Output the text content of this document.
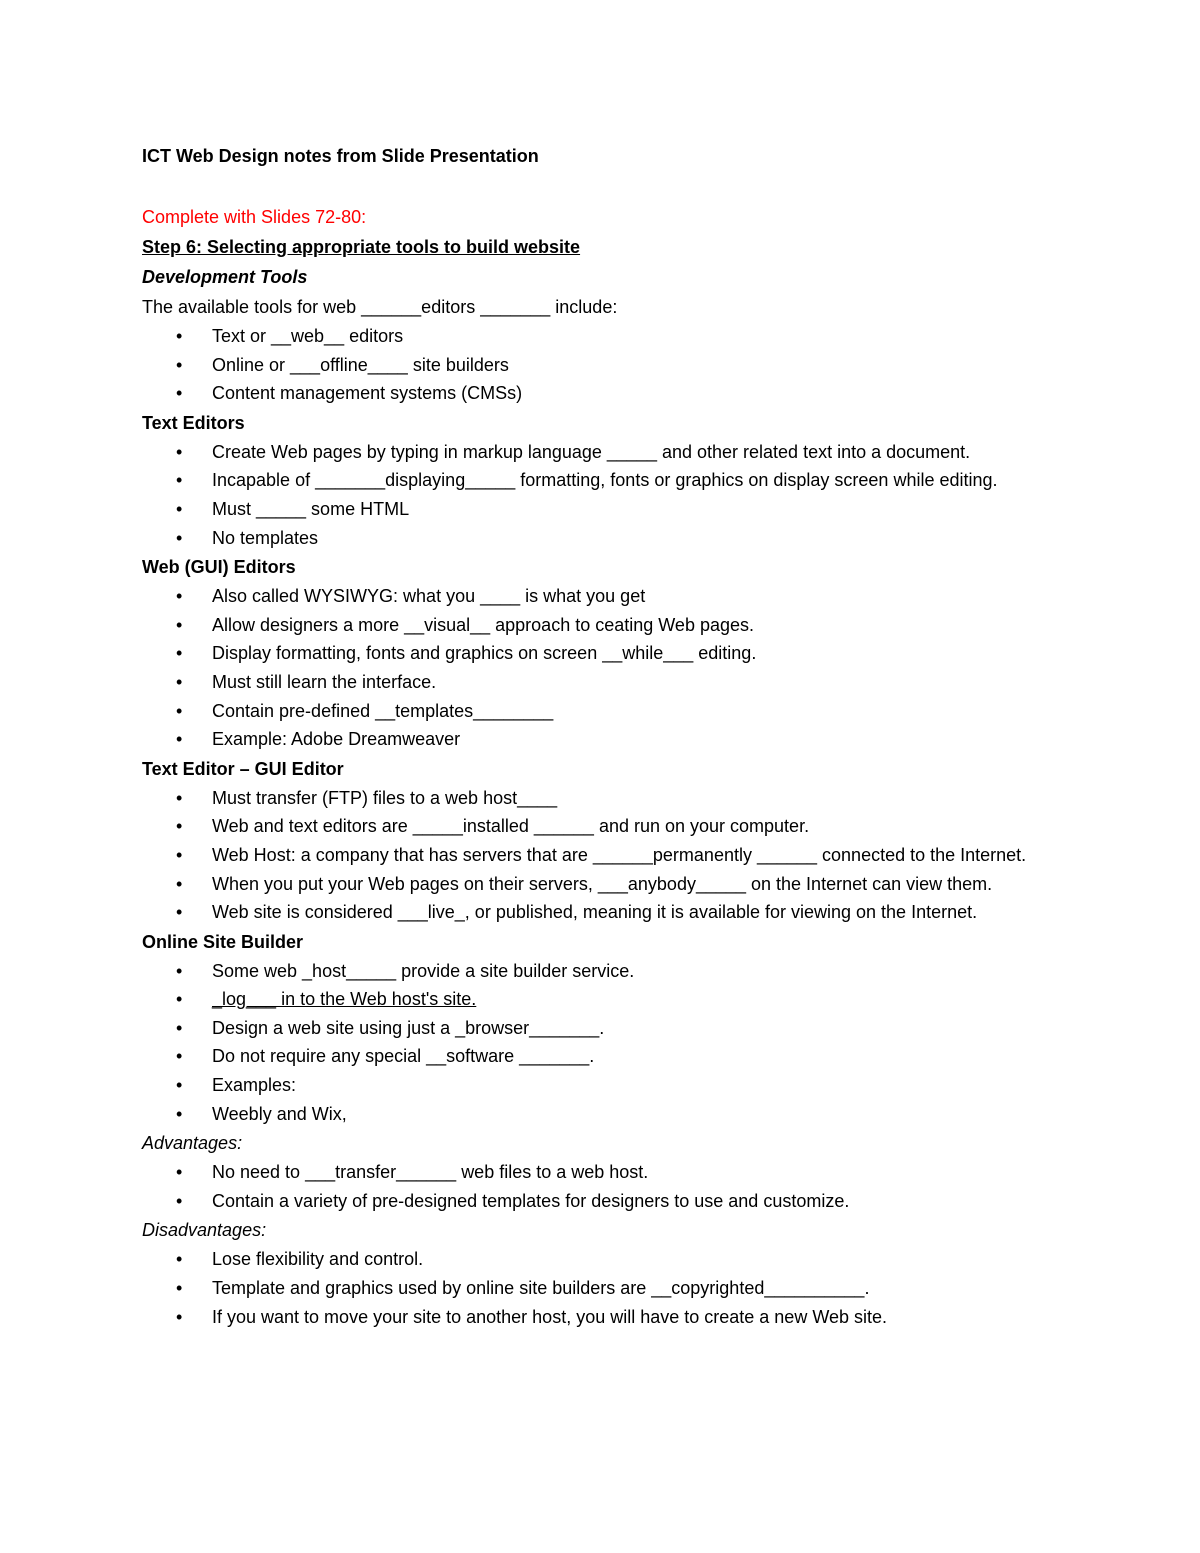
ICT Web Design notes from Slide Presentation

Complete with Slides 72-80:
Step 6: Selecting appropriate tools to build website
Development Tools
The available tools for web ______editors _______ include:
• Text or __web__ editors
• Online or ___offline____ site builders
• Content management systems (CMSs)
Text Editors
• Create Web pages by typing in markup language _____ and other related text into a document.
• Incapable of _______displaying_____ formatting, fonts or graphics on display screen while editing.
• Must _____ some HTML
• No templates
Web (GUI) Editors
• Also called WYSIWYG: what you ____ is what you get
• Allow designers a more __visual__ approach to ceating Web pages.
• Display formatting, fonts and graphics on screen __while___ editing.
• Must still learn the interface.
• Contain pre-defined __templates________
• Example: Adobe Dreamweaver
Text Editor – GUI Editor
• Must transfer (FTP) files to a web host____
• Web and text editors are _____installed ______ and run on your computer.
• Web Host: a company that has servers that are ______permanently ______ connected to the Internet.
• When you put your Web pages on their servers, ___anybody_____ on the Internet can view them.
• Web site is considered ___live_, or published, meaning it is available for viewing on the Internet.
Online Site Builder
• Some web _host_____ provide a site builder service.
• _log___ in to the Web host's site.
• Design a web site using just a _browser_______.
• Do not require any special __software _______.
• Examples:
• Weebly and Wix,
Advantages:
• No need to ___transfer______ web files to a web host.
• Contain a variety of pre-designed templates for designers to use and customize.
Disadvantages:
• Lose flexibility and control.
• Template and graphics used by online site builders are __copyrighted__________.
• If you want to move your site to another host, you will have to create a new Web site.
